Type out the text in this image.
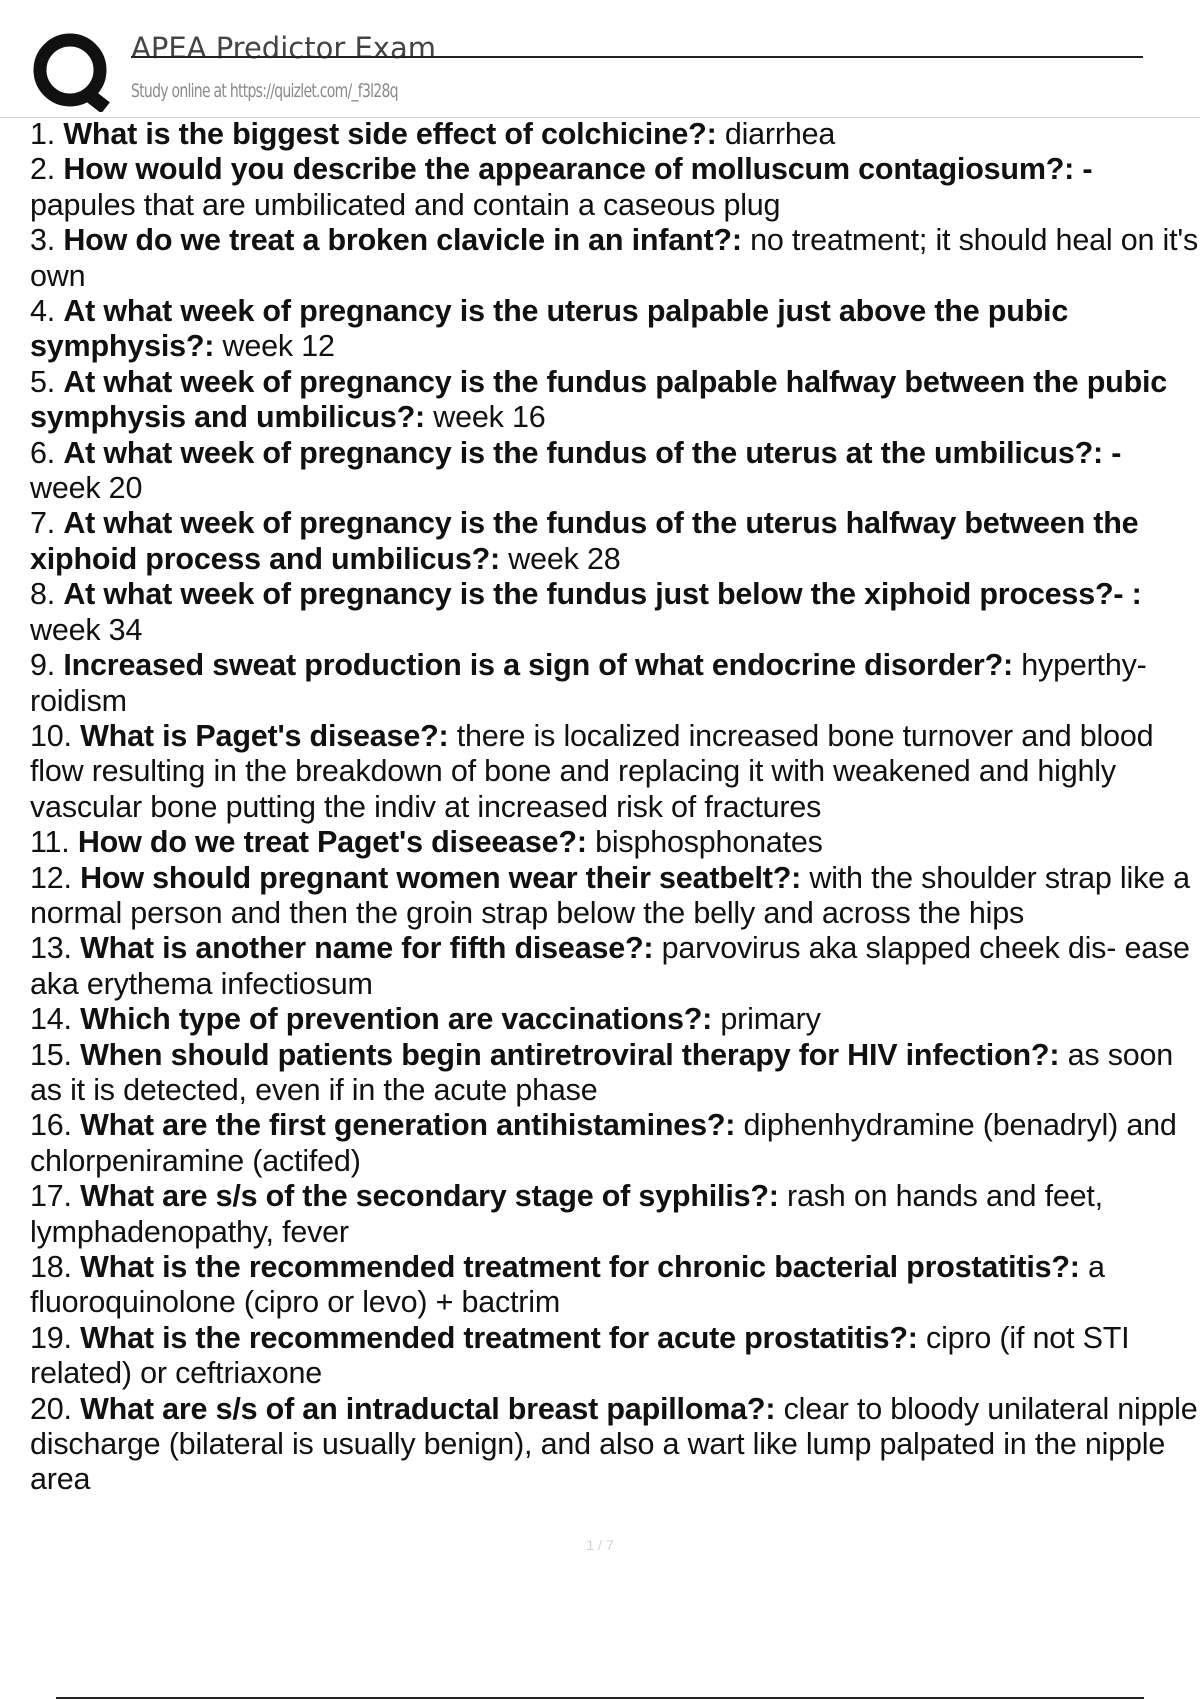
APEA Predictor Exam
Study online at https://quizlet.com/_f3l28q
1. What is the biggest side effect of colchicine?: diarrhea
2. How would you describe the appearance of molluscum contagiosum?: - papules that are umbilicated and contain a caseous plug
3. How do we treat a broken clavicle in an infant?: no treatment; it should heal on it's own
4. At what week of pregnancy is the uterus palpable just above the pubic symphysis?: week 12
5. At what week of pregnancy is the fundus palpable halfway between the pubic symphysis and umbilicus?: week 16
6. At what week of pregnancy is the fundus of the uterus at the umbilicus?: - week 20
7. At what week of pregnancy is the fundus of the uterus halfway between the xiphoid process and umbilicus?: week 28
8. At what week of pregnancy is the fundus just below the xiphoid process?- : week 34
9. Increased sweat production is a sign of what endocrine disorder?: hyperthy- roidism
10. What is Paget's disease?: there is localized increased bone turnover and blood flow resulting in the breakdown of bone and replacing it with weakened and highly vascular bone putting the indiv at increased risk of fractures
11. How do we treat Paget's diseease?: bisphosphonates
12. How should pregnant women wear their seatbelt?: with the shoulder strap like a normal person and then the groin strap below the belly and across the hips
13. What is another name for fifth disease?: parvovirus aka slapped cheek dis- ease aka erythema infectiosum
14. Which type of prevention are vaccinations?: primary
15. When should patients begin antiretroviral therapy for HIV infection?: as soon as it is detected, even if in the acute phase
16. What are the first generation antihistamines?: diphenhydramine (benadryl) and chlorpeniramine (actifed)
17. What are s/s of the secondary stage of syphilis?: rash on hands and feet, lymphadenopathy, fever
18. What is the recommended treatment for chronic bacterial prostatitis?: a fluoroquinolone (cipro or levo) + bactrim
19. What is the recommended treatment for acute prostatitis?: cipro (if not STI related) or ceftriaxone
20. What are s/s of an intraductal breast papilloma?: clear to bloody unilateral nipple discharge (bilateral is usually benign), and also a wart like lump palpated in the nipple area
1 / 7
